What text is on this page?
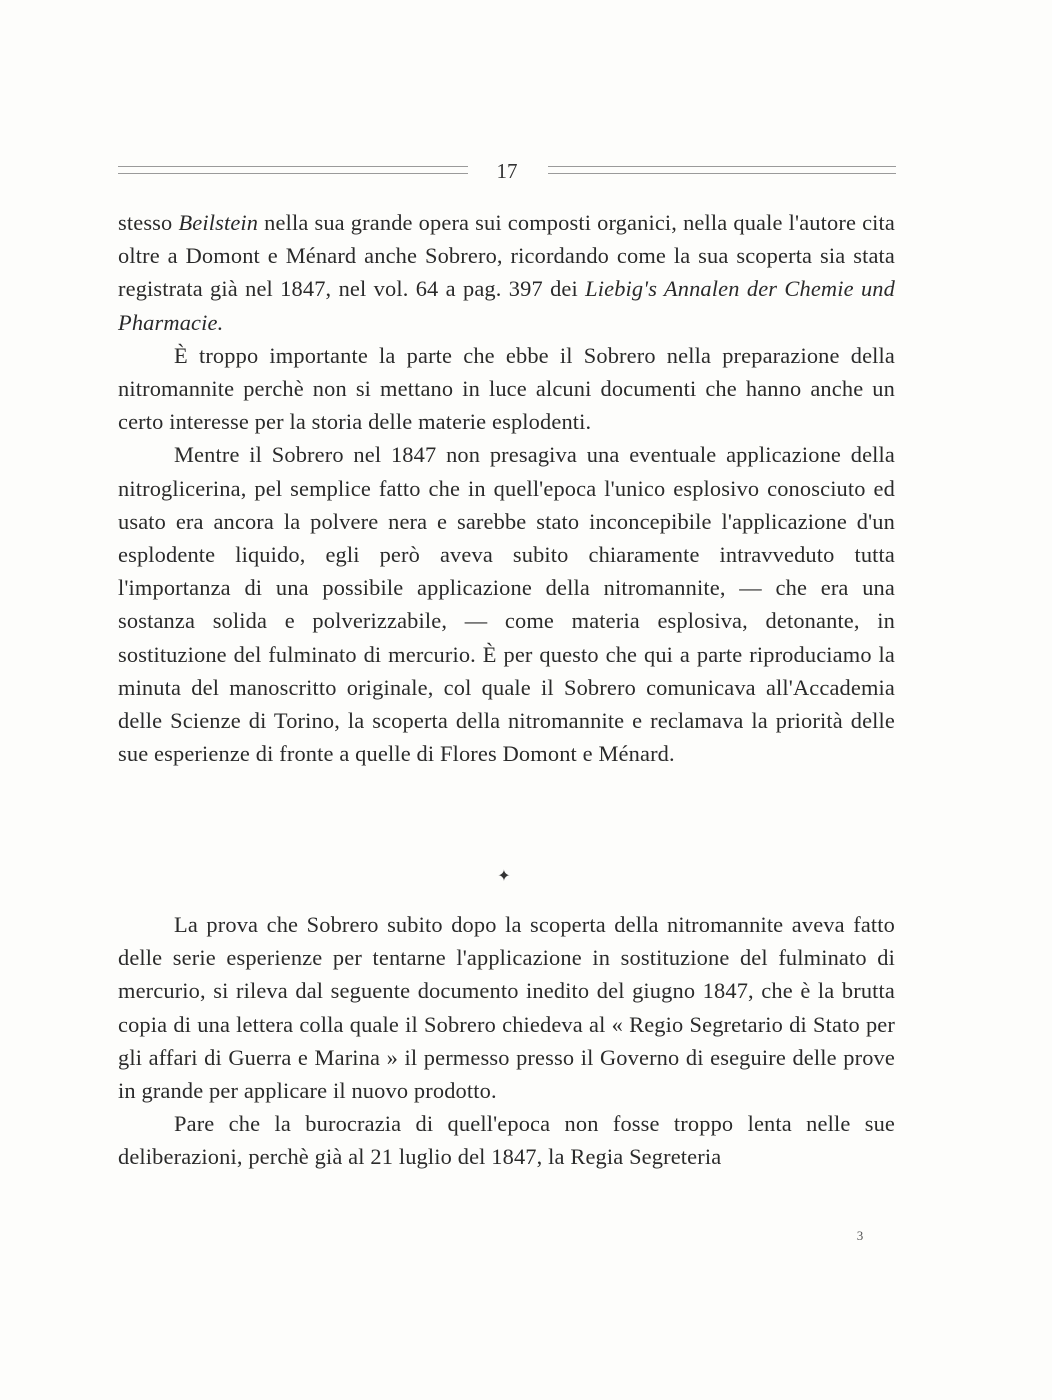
17

stesso Beilstein nella sua grande opera sui composti organici, nella quale l'autore cita oltre a Domont e Ménard anche Sobrero, ricordando come la sua scoperta sia stata registrata già nel 1847, nel vol. 64 a pag. 397 dei Liebig's Annalen der Chemie und Pharmacie.

È troppo importante la parte che ebbe il Sobrero nella preparazione della nitromannite perchè non si mettano in luce alcuni documenti che hanno anche un certo interesse per la storia delle materie esplodenti.

Mentre il Sobrero nel 1847 non presagiva una eventuale applicazione della nitroglicerina, pel semplice fatto che in quell'epoca l'unico esplosivo conosciuto ed usato era ancora la polvere nera e sarebbe stato inconcepibile l'applicazione d'un esplodente liquido, egli però aveva subito chiaramente intravveduto tutta l'importanza di una possibile applicazione della nitromannite, — che era una sostanza solida e polverizzabile, — come materia esplosiva, detonante, in sostituzione del fulminato di mercurio. È per questo che qui a parte riproduciamo la minuta del manoscritto originale, col quale il Sobrero comunicava all'Accademia delle Scienze di Torino, la scoperta della nitromannite e reclamava la priorità delle sue esperienze di fronte a quelle di Flores Domont e Ménard.

✦

La prova che Sobrero subito dopo la scoperta della nitromannite aveva fatto delle serie esperienze per tentarne l'applicazione in sostituzione del fulminato di mercurio, si rileva dal seguente documento inedito del giugno 1847, che è la brutta copia di una lettera colla quale il Sobrero chiedeva al « Regio Segretario di Stato per gli affari di Guerra e Marina » il permesso presso il Governo di eseguire delle prove in grande per applicare il nuovo prodotto.

Pare che la burocrazia di quell'epoca non fosse troppo lenta nelle sue deliberazioni, perchè già al 21 luglio del 1847, la Regia Segreteria

3
